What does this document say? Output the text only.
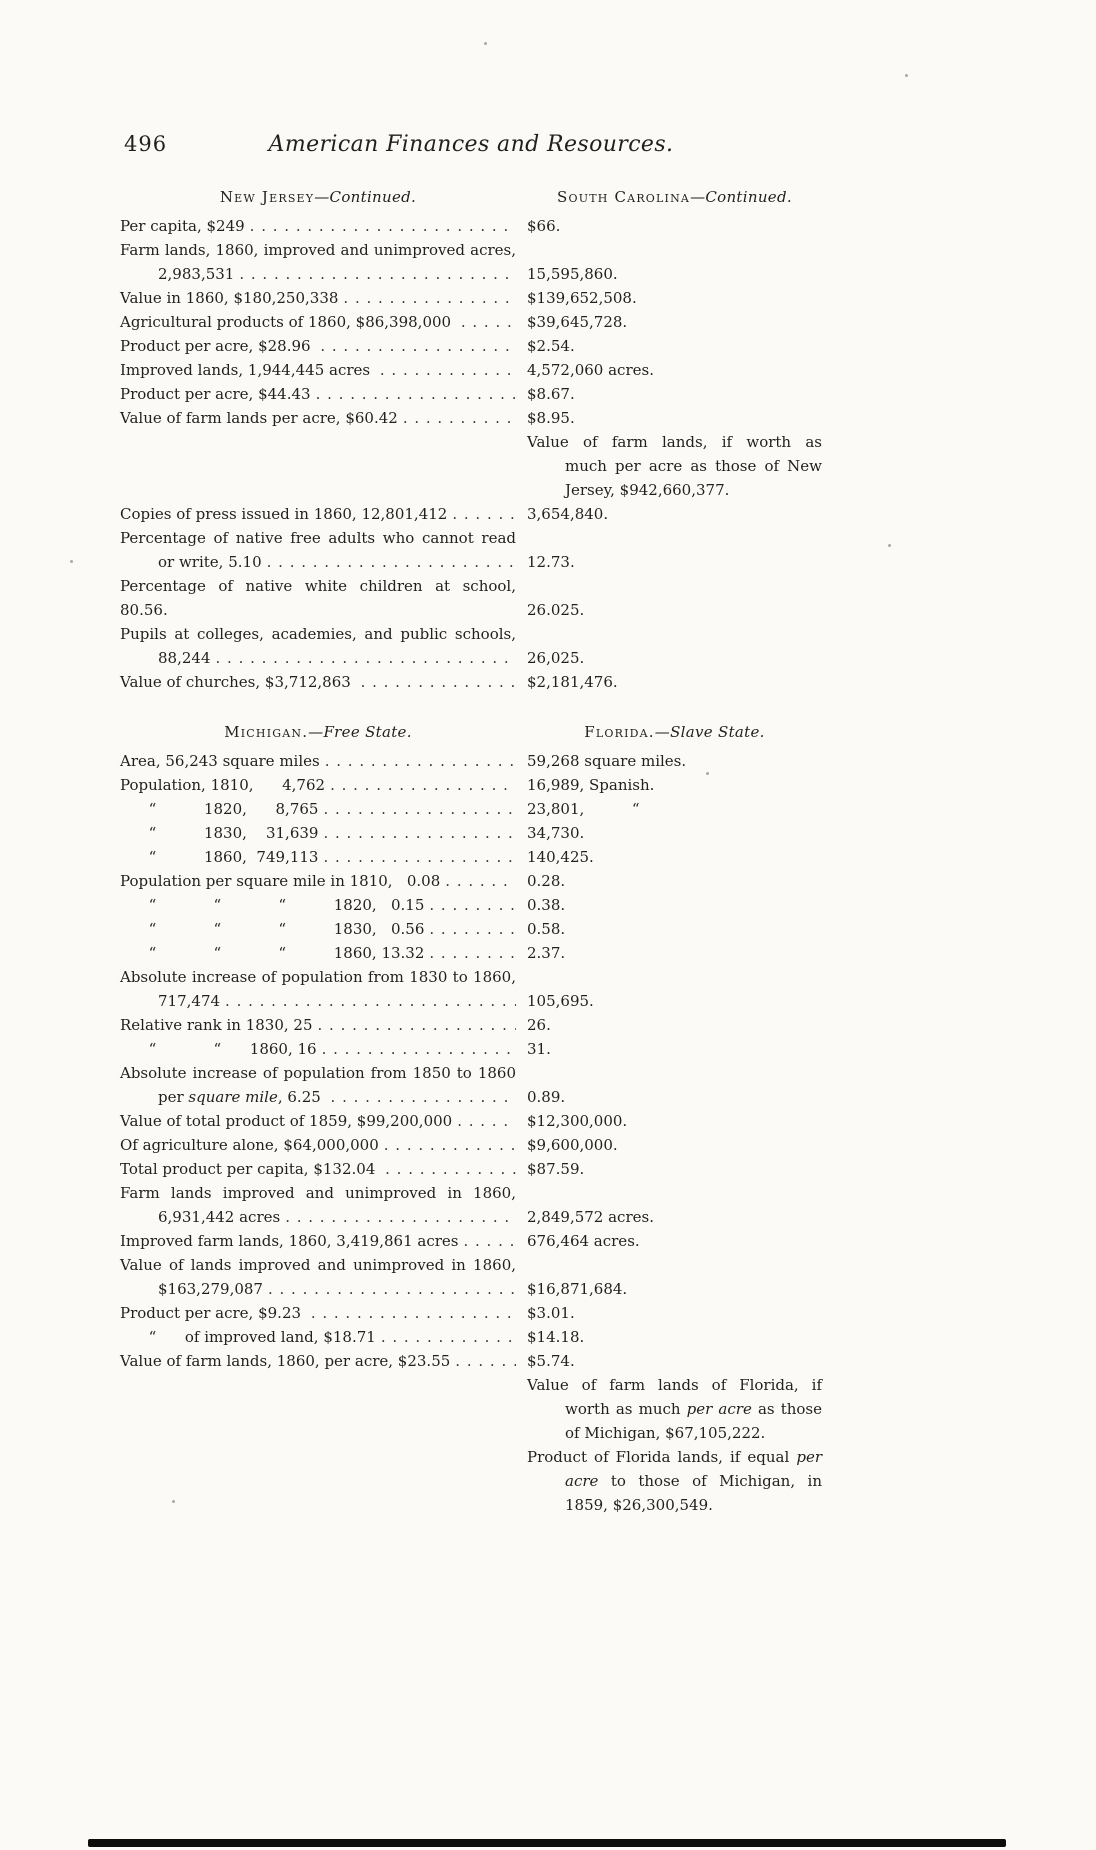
496	American Finances and Resources.
New Jersey—Continued.	South Carolina—Continued.
Per capita, $249 . . .	$66.
Farm lands, 1860, improved and unimproved acres,
2,983,531 . . .	15,595,860.
Value in 1860, $180,250,338 . . .	$139,652,508.
Agricultural products of 1860, $86,398,000 . . .	$39,645,728.
Product per acre, $28.96 . . .	$2.54.
Improved lands, 1,944,445 acres . . .	4,572,060 acres.
Product per acre, $44.43 . . .	$8.67.
Value of farm lands per acre, $60.42 . . .	$8.95.
Value of farm lands, if worth as
much per acre as those of New
Jersey, $942,660,377.
Copies of press issued in 1860, 12,801,412 . . .	3,654,840.
Percentage of native free adults who cannot read
or write, 5.10 . . .	12.73.
Percentage of native white children at school, 80.56.	26.025.
Pupils at colleges, academies, and public schools,
88,244 . . .	26,025.
Value of churches, $3,712,863 . . .	$2,181,476.
Michigan.—Free State.	Florida.—Slave State.
Area, 56,243 square miles . . .	59,268 square miles.
Population, 1810,      4,762 . . .	16,989, Spanish.
“          1820,      8,765 . . .	23,801,          “
“          1830,    31,639 . . .	34,730.
“          1860,  749,113 . . .	140,425.
Population per square mile in 1810,   0.08 . . .	0.28.
“            “            “          1820,   0.15 . . .	0.38.
“            “            “          1830,   0.56 . . .	0.58.
“            “            “          1860, 13.32 . . .	2.37.
Absolute increase of population from 1830 to 1860,
717,474 . . .	105,695.
Relative rank in 1830, 25 . . .	26.
“            “      1860, 16 . . .	31.
Absolute increase of population from 1850 to 1860
per square mile, 6.25 . . .	0.89.
Value of total product of 1859, $99,200,000 . . .	$12,300,000.
Of agriculture alone, $64,000,000 . . .	$9,600,000.
Total product per capita, $132.04 . . .	$87.59.
Farm lands improved and unimproved in 1860,
6,931,442 acres . . .	2,849,572 acres.
Improved farm lands, 1860, 3,419,861 acres . . .	676,464 acres.
Value of lands improved and unimproved in 1860,
$163,279,087 . . .	$16,871,684.
Product per acre, $9.23 . . .	$3.01.
“      of improved land, $18.71 . . .	$14.18.
Value of farm lands, 1860, per acre, $23.55 . . .	$5.74.
Value of farm lands of Florida, if
worth as much per acre as those
of Michigan, $67,105,222.
Product of Florida lands, if equal per
acre to those of Michigan, in
1859, $26,300,549.
